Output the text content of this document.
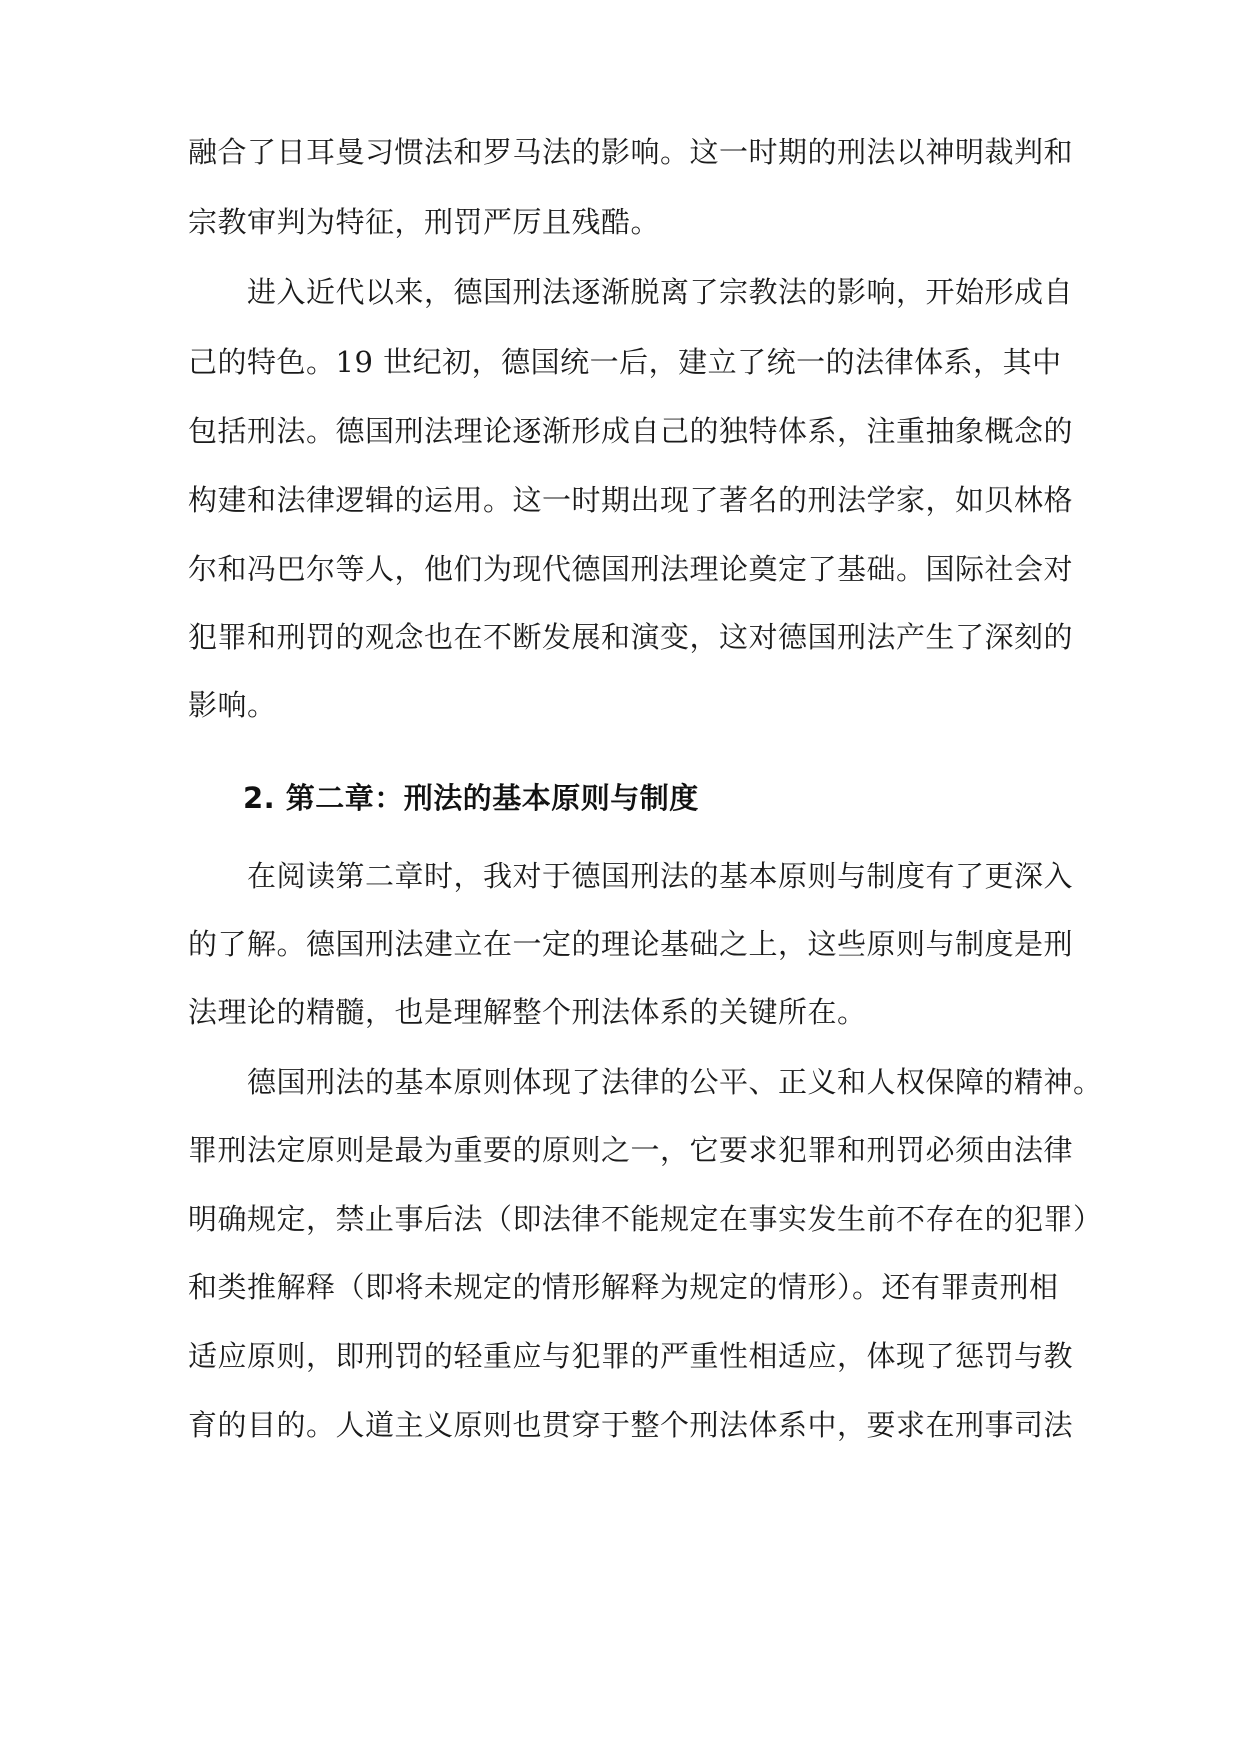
融合了日耳曼习惯法和罗马法的影响。这一时期的刑法以神明裁判和
宗教审判为特征，刑罚严厉且残酷。
　　进入近代以来，德国刑法逐渐脱离了宗教法的影响，开始形成自
己的特色。19 世纪初，德国统一后，建立了统一的法律体系，其中
包括刑法。德国刑法理论逐渐形成自己的独特体系，注重抽象概念的
构建和法律逻辑的运用。这一时期出现了著名的刑法学家，如贝林格
尔和冯巴尔等人，他们为现代德国刑法理论奠定了基础。国际社会对
犯罪和刑罚的观念也在不断发展和演变，这对德国刑法产生了深刻的
影响。
2. 第二章：刑法的基本原则与制度
　　在阅读第二章时，我对于德国刑法的基本原则与制度有了更深入
的了解。德国刑法建立在一定的理论基础之上，这些原则与制度是刑
法理论的精髓，也是理解整个刑法体系的关键所在。
　　德国刑法的基本原则体现了法律的公平、正义和人权保障的精神。
罪刑法定原则是最为重要的原则之一，它要求犯罪和刑罚必须由法律
明确规定，禁止事后法（即法律不能规定在事实发生前不存在的犯罪）
和类推解释（即将未规定的情形解释为规定的情形）。还有罪责刑相
适应原则，即刑罚的轻重应与犯罪的严重性相适应，体现了惩罚与教
育的目的。人道主义原则也贯穿于整个刑法体系中，要求在刑事司法
